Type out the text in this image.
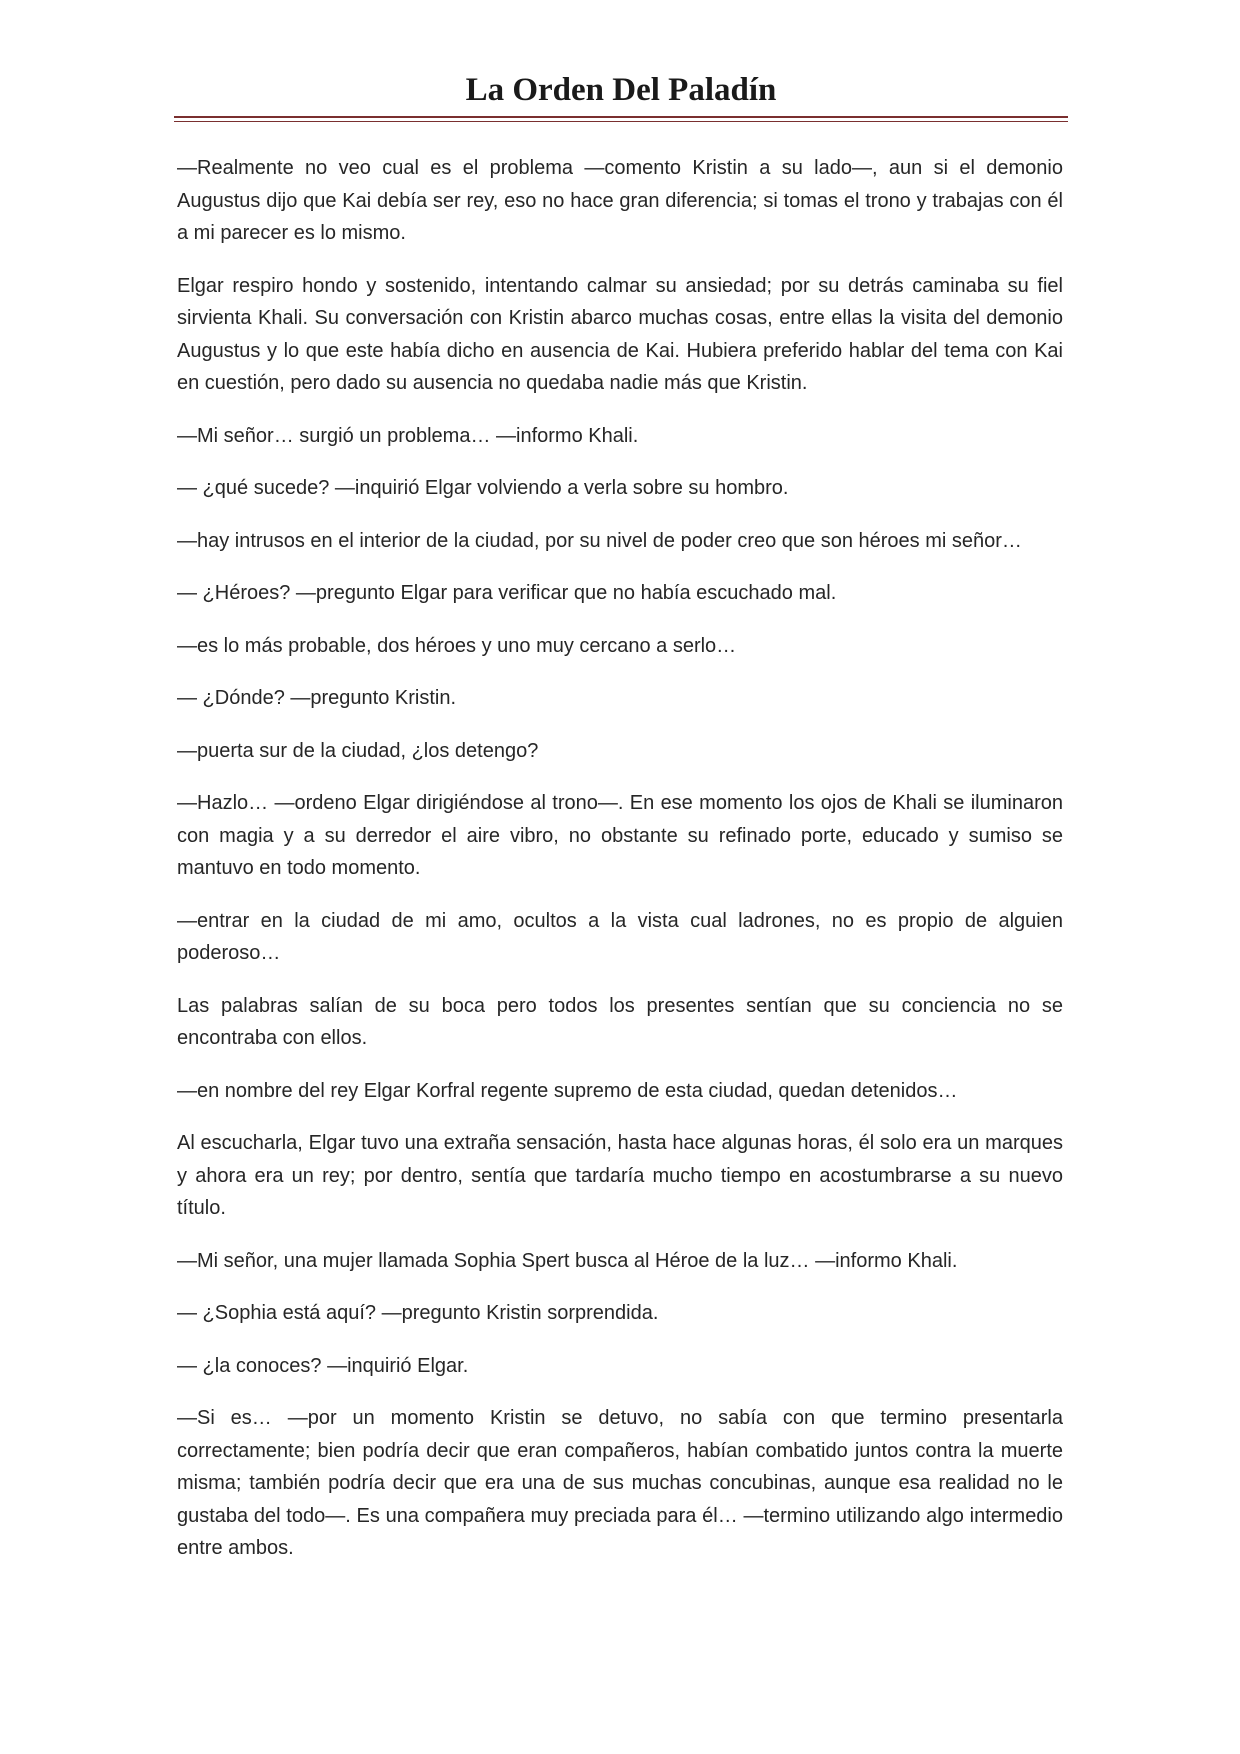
La Orden Del Paladín

—Realmente no veo cual es el problema —comento Kristin a su lado—, aun si el demonio Augustus dijo que Kai debía ser rey, eso no hace gran diferencia; si tomas el trono y trabajas con él a mi parecer es lo mismo.

Elgar respiro hondo y sostenido, intentando calmar su ansiedad; por su detrás caminaba su fiel sirvienta Khali. Su conversación con Kristin abarco muchas cosas, entre ellas la visita del demonio Augustus y lo que este había dicho en ausencia de Kai. Hubiera preferido hablar del tema con Kai en cuestión, pero dado su ausencia no quedaba nadie más que Kristin.

—Mi señor… surgió un problema… —informo Khali.

— ¿qué sucede? —inquirió Elgar volviendo a verla sobre su hombro.

—hay intrusos en el interior de la ciudad, por su nivel de poder creo que son héroes mi señor…

— ¿Héroes? —pregunto Elgar para verificar que no había escuchado mal.

—es lo más probable, dos héroes y uno muy cercano a serlo…

— ¿Dónde? —pregunto Kristin.

—puerta sur de la ciudad, ¿los detengo?

—Hazlo… —ordeno Elgar dirigiéndose al trono—. En ese momento los ojos de Khali se iluminaron con magia y a su derredor el aire vibro, no obstante su refinado porte, educado y sumiso se mantuvo en todo momento.

—entrar en la ciudad de mi amo, ocultos a la vista cual ladrones, no es propio de alguien poderoso…

Las palabras salían de su boca pero todos los presentes sentían que su conciencia no se encontraba con ellos.

—en nombre del rey Elgar Korfral regente supremo de esta ciudad, quedan detenidos…

Al escucharla, Elgar tuvo una extraña sensación, hasta hace algunas horas, él solo era un marques y ahora era un rey; por dentro, sentía que tardaría mucho tiempo en acostumbrarse a su nuevo título.

—Mi señor, una mujer llamada Sophia Spert busca al Héroe de la luz… —informo Khali.

— ¿Sophia está aquí? —pregunto Kristin sorprendida.

— ¿la conoces? —inquirió Elgar.

—Si es… —por un momento Kristin se detuvo, no sabía con que termino presentarla correctamente; bien podría decir que eran compañeros, habían combatido juntos contra la muerte misma; también podría decir que era una de sus muchas concubinas, aunque esa realidad no le gustaba del todo—. Es una compañera muy preciada para él… —termino utilizando algo intermedio entre ambos.
